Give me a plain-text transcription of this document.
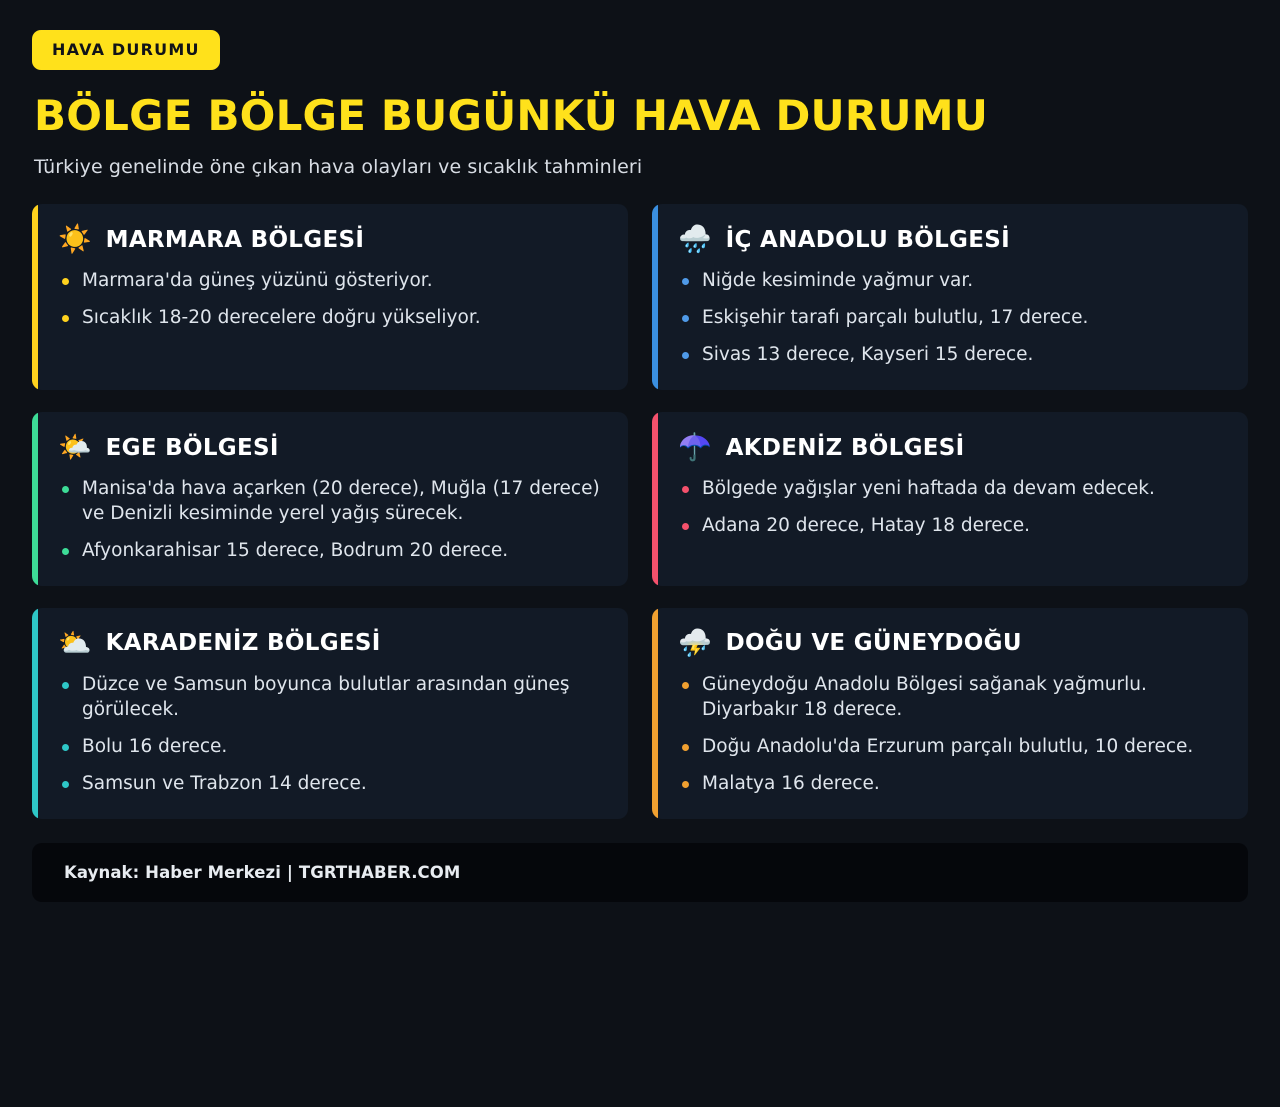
HAVA DURUMU
BÖLGE BÖLGE BUGÜNKÜ HAVA DURUMU

Türkiye genelinde öne çıkan hava olayları ve sıcaklık tahminleri

☀️ MARMARA BÖLGESİ
Marmara'da güneş yüzünü gösteriyor.
Sıcaklık 18-20 derecelere doğru yükseliyor.
🌧️ İÇ ANADOLU BÖLGESİ
Niğde kesiminde yağmur var.
Eskişehir tarafı parçalı bulutlu, 17 derece.
Sivas 13 derece, Kayseri 15 derece.
🌤️ EGE BÖLGESİ
Manisa'da hava açarken (20 derece), Muğla (17 derece) ve Denizli kesiminde yerel yağış sürecek.
Afyonkarahisar 15 derece, Bodrum 20 derece.
☂️ AKDENİZ BÖLGESİ
Bölgede yağışlar yeni haftada da devam edecek.
Adana 20 derece, Hatay 18 derece.
⛅ KARADENİZ BÖLGESİ
Düzce ve Samsun boyunca bulutlar arasından güneş görülecek.
Bolu 16 derece.
Samsun ve Trabzon 14 derece.
⛈️ DOĞU VE GÜNEYDOĞU
Güneydoğu Anadolu Bölgesi sağanak yağmurlu. Diyarbakır 18 derece.
Doğu Anadolu'da Erzurum parçalı bulutlu, 10 derece.
Malatya 16 derece.
Kaynak: Haber Merkezi | TGRTHABER.COM
